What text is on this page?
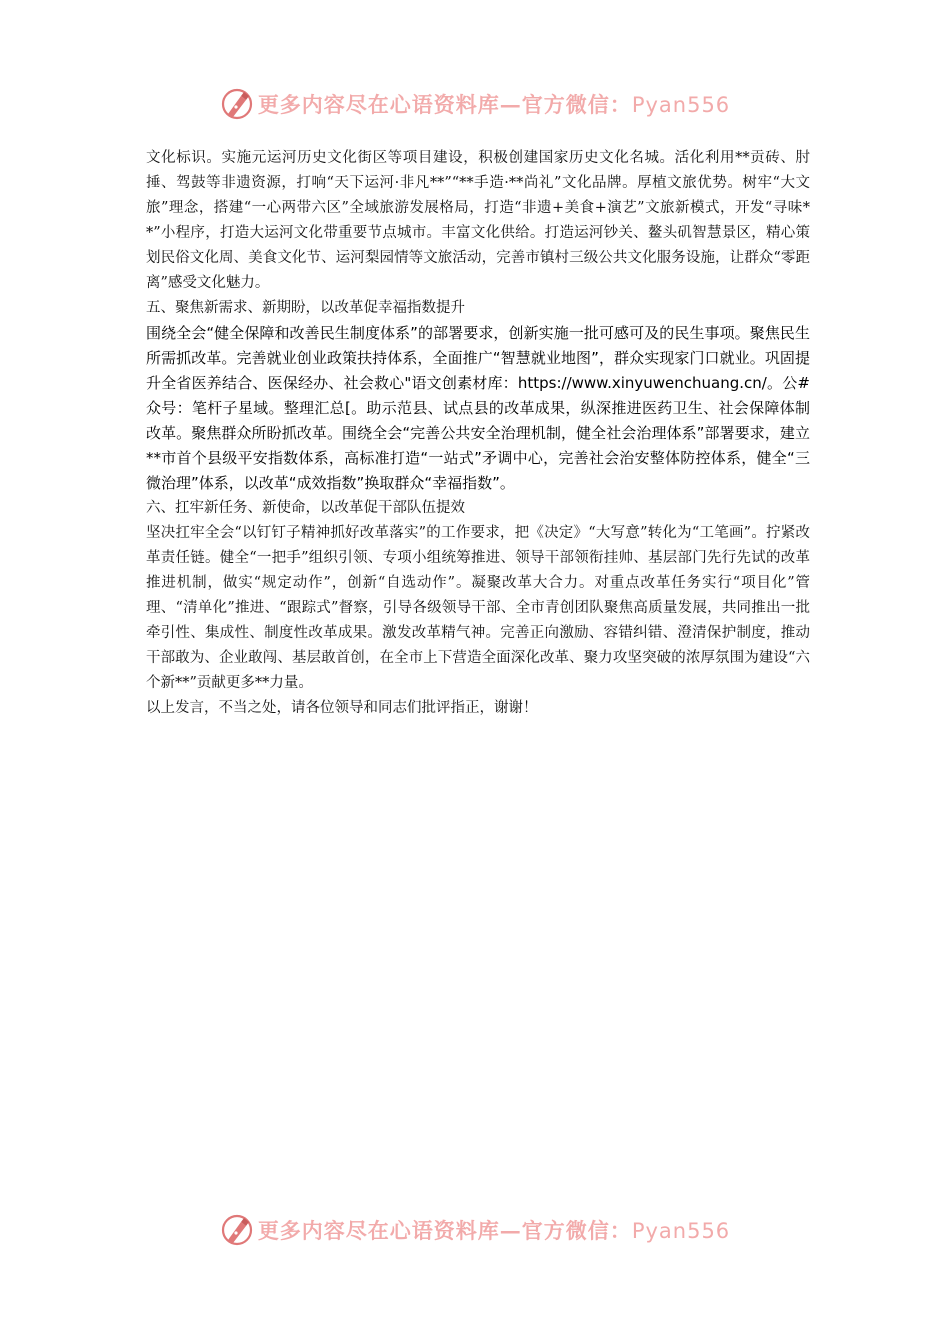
更多内容尽在心语资料库—官方微信：Pyan556

文化标识。实施元运河历史文化街区等项目建设，积极创建国家历史文化名城。活化利用**贡砖、肘捶、驾鼓等非遗资源，打响“天下运河·非凡**”“**手造·**尚礼”文化品牌。厚植文旅优势。树牢“大文旅”理念，搭建“一心两带六区”全域旅游发展格局，打造“非遗+美食+演艺”文旅新模式，开发“寻味**”小程序，打造大运河文化带重要节点城市。丰富文化供给。打造运河钞关、鳌头矶智慧景区，精心策划民俗文化周、美食文化节、运河梨园情等文旅活动，完善市镇村三级公共文化服务设施，让群众“零距离”感受文化魅力。

五、聚焦新需求、新期盼，以改革促幸福指数提升

围绕全会“健全保障和改善民生制度体系”的部署要求，创新实施一批可感可及的民生事项。聚焦民生所需抓改革。完善就业创业政策扶持体系，全面推广“智慧就业地图”，群众实现家门口就业。巩固提升全省医养结合、医保经办、社会救心"语文创素材库：https://www.xinyuwenchuang.cn/。公#众号：笔杆子星域。整理汇总[。助示范县、试点县的改革成果，纵深推进医药卫生、社会保障体制改革。聚焦群众所盼抓改革。围绕全会“完善公共安全治理机制，健全社会治理体系”部署要求，建立**市首个县级平安指数体系，高标准打造“一站式”矛调中心，完善社会治安整体防控体系，健全“三微治理”体系，以改革“成效指数”换取群众“幸福指数”。

六、扛牢新任务、新使命，以改革促干部队伍提效

坚决扛牢全会“以钉钉子精神抓好改革落实”的工作要求，把《决定》“大写意”转化为“工笔画”。拧紧改革责任链。健全“一把手”组织引领、专项小组统筹推进、领导干部领衔挂帅、基层部门先行先试的改革推进机制，做实“规定动作”，创新“自选动作”。凝聚改革大合力。对重点改革任务实行“项目化”管理、“清单化”推进、“跟踪式”督察，引导各级领导干部、全市青创团队聚焦高质量发展，共同推出一批牵引性、集成性、制度性改革成果。激发改革精气神。完善正向激励、容错纠错、澄清保护制度，推动干部敢为、企业敢闯、基层敢首创，在全市上下营造全面深化改革、聚力攻坚突破的浓厚氛围为建设“六个新**”贡献更多**力量。

以上发言，不当之处，请各位领导和同志们批评指正，谢谢！

更多内容尽在心语资料库—官方微信：Pyan556
